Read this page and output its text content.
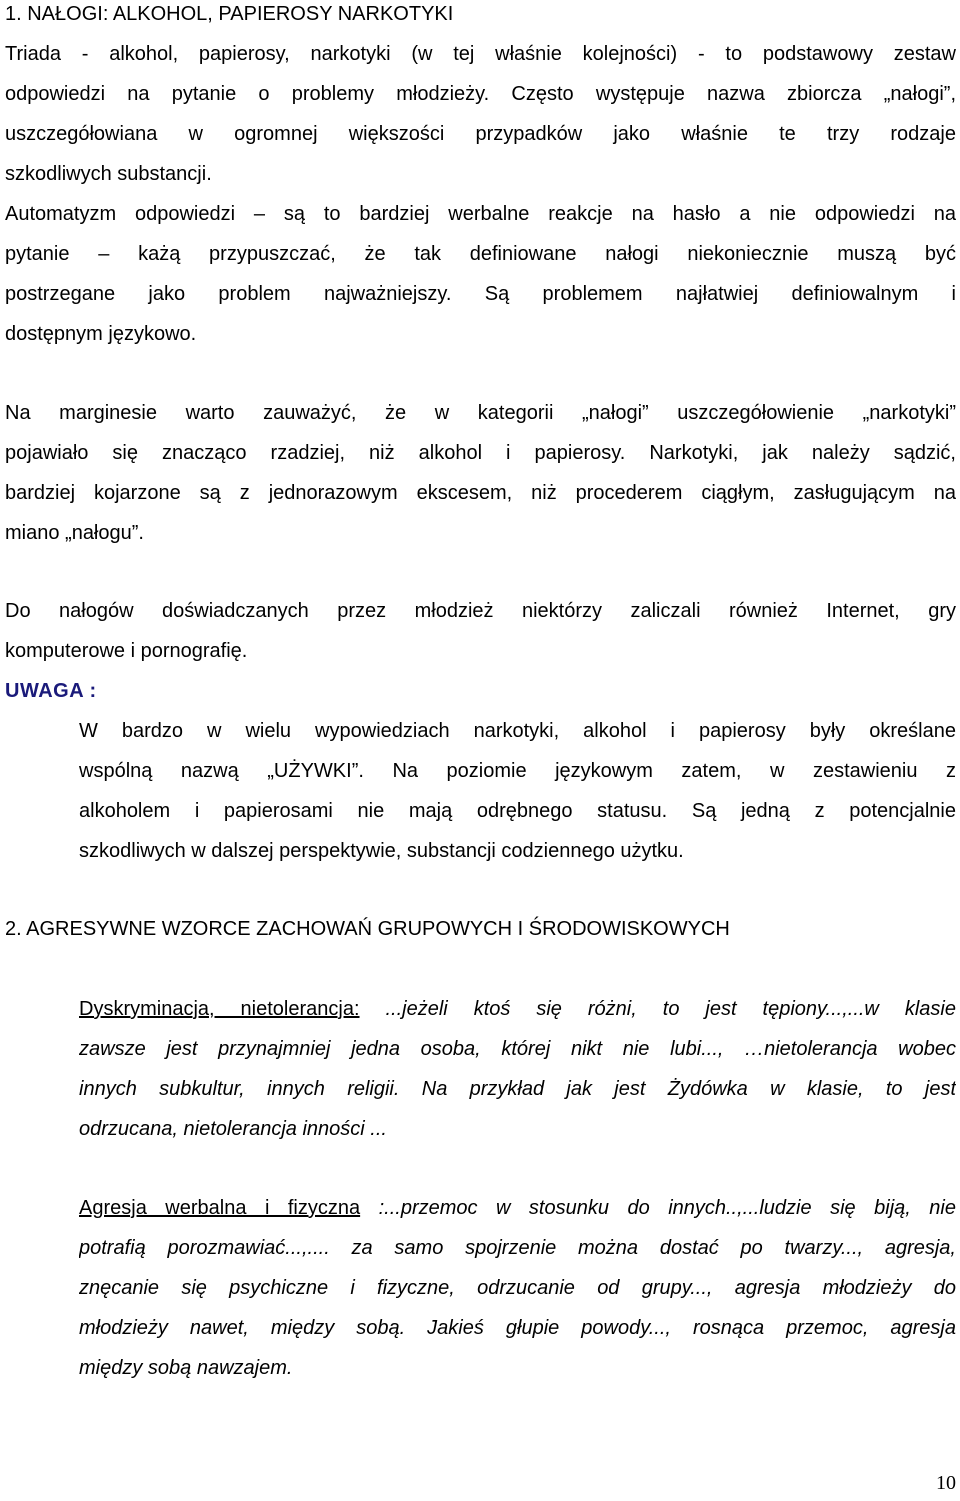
1. NAŁOGI: ALKOHOL, PAPIEROSY NARKOTYKI
Triada - alkohol, papierosy, narkotyki (w tej właśnie kolejności) - to podstawowy zestaw
odpowiedzi na pytanie o problemy młodzieży. Często występuje nazwa zbiorcza „nałogi”,
uszczegółowiana w ogromnej większości przypadków jako właśnie te trzy rodzaje
szkodliwych substancji.
Automatyzm odpowiedzi – są to bardziej werbalne reakcje na hasło a nie odpowiedzi na
pytanie – każą przypuszczać, że tak definiowane nałogi niekoniecznie muszą być
postrzegane jako problem najważniejszy. Są problemem najłatwiej definiowalnym i
dostępnym językowo.
Na marginesie warto zauważyć, że w kategorii „nałogi” uszczegółowienie „narkotyki”
pojawiało się znacząco rzadziej, niż alkohol i papierosy. Narkotyki, jak należy sądzić,
bardziej kojarzone są z jednorazowym ekscesem, niż procederem ciągłym, zasługującym na
miano „nałogu”.
Do nałogów doświadczanych przez młodzież niektórzy zaliczali również Internet, gry
komputerowe i pornografię.
UWAGA :
W bardzo w wielu wypowiedziach narkotyki, alkohol i papierosy były określane
wspólną nazwą „UŻYWKI”. Na poziomie językowym zatem, w zestawieniu z
alkoholem i papierosami nie mają odrębnego statusu. Są jedną z potencjalnie
szkodliwych w dalszej perspektywie, substancji codziennego użytku.
2. AGRESYWNE WZORCE ZACHOWAŃ GRUPOWYCH I ŚRODOWISKOWYCH
Dyskryminacja, nietolerancja: ...jeżeli ktoś się różni, to jest tępiony...,...w klasie
zawsze jest przynajmniej jedna osoba, której nikt nie lubi..., …nietolerancja wobec
innych subkultur, innych religii. Na przykład jak jest Żydówka w klasie, to jest
odrzucana, nietolerancja inności ...
Agresja werbalna i fizyczna :...przemoc w stosunku do innych..,...ludzie się biją, nie
potrafią porozmawiać...,.... za samo spojrzenie można dostać po twarzy..., agresja,
znęcanie się psychiczne i fizyczne, odrzucanie od grupy..., agresja młodzieży do
młodzieży nawet, między sobą. Jakieś głupie powody..., rosnąca przemoc, agresja
między sobą nawzajem.
10
